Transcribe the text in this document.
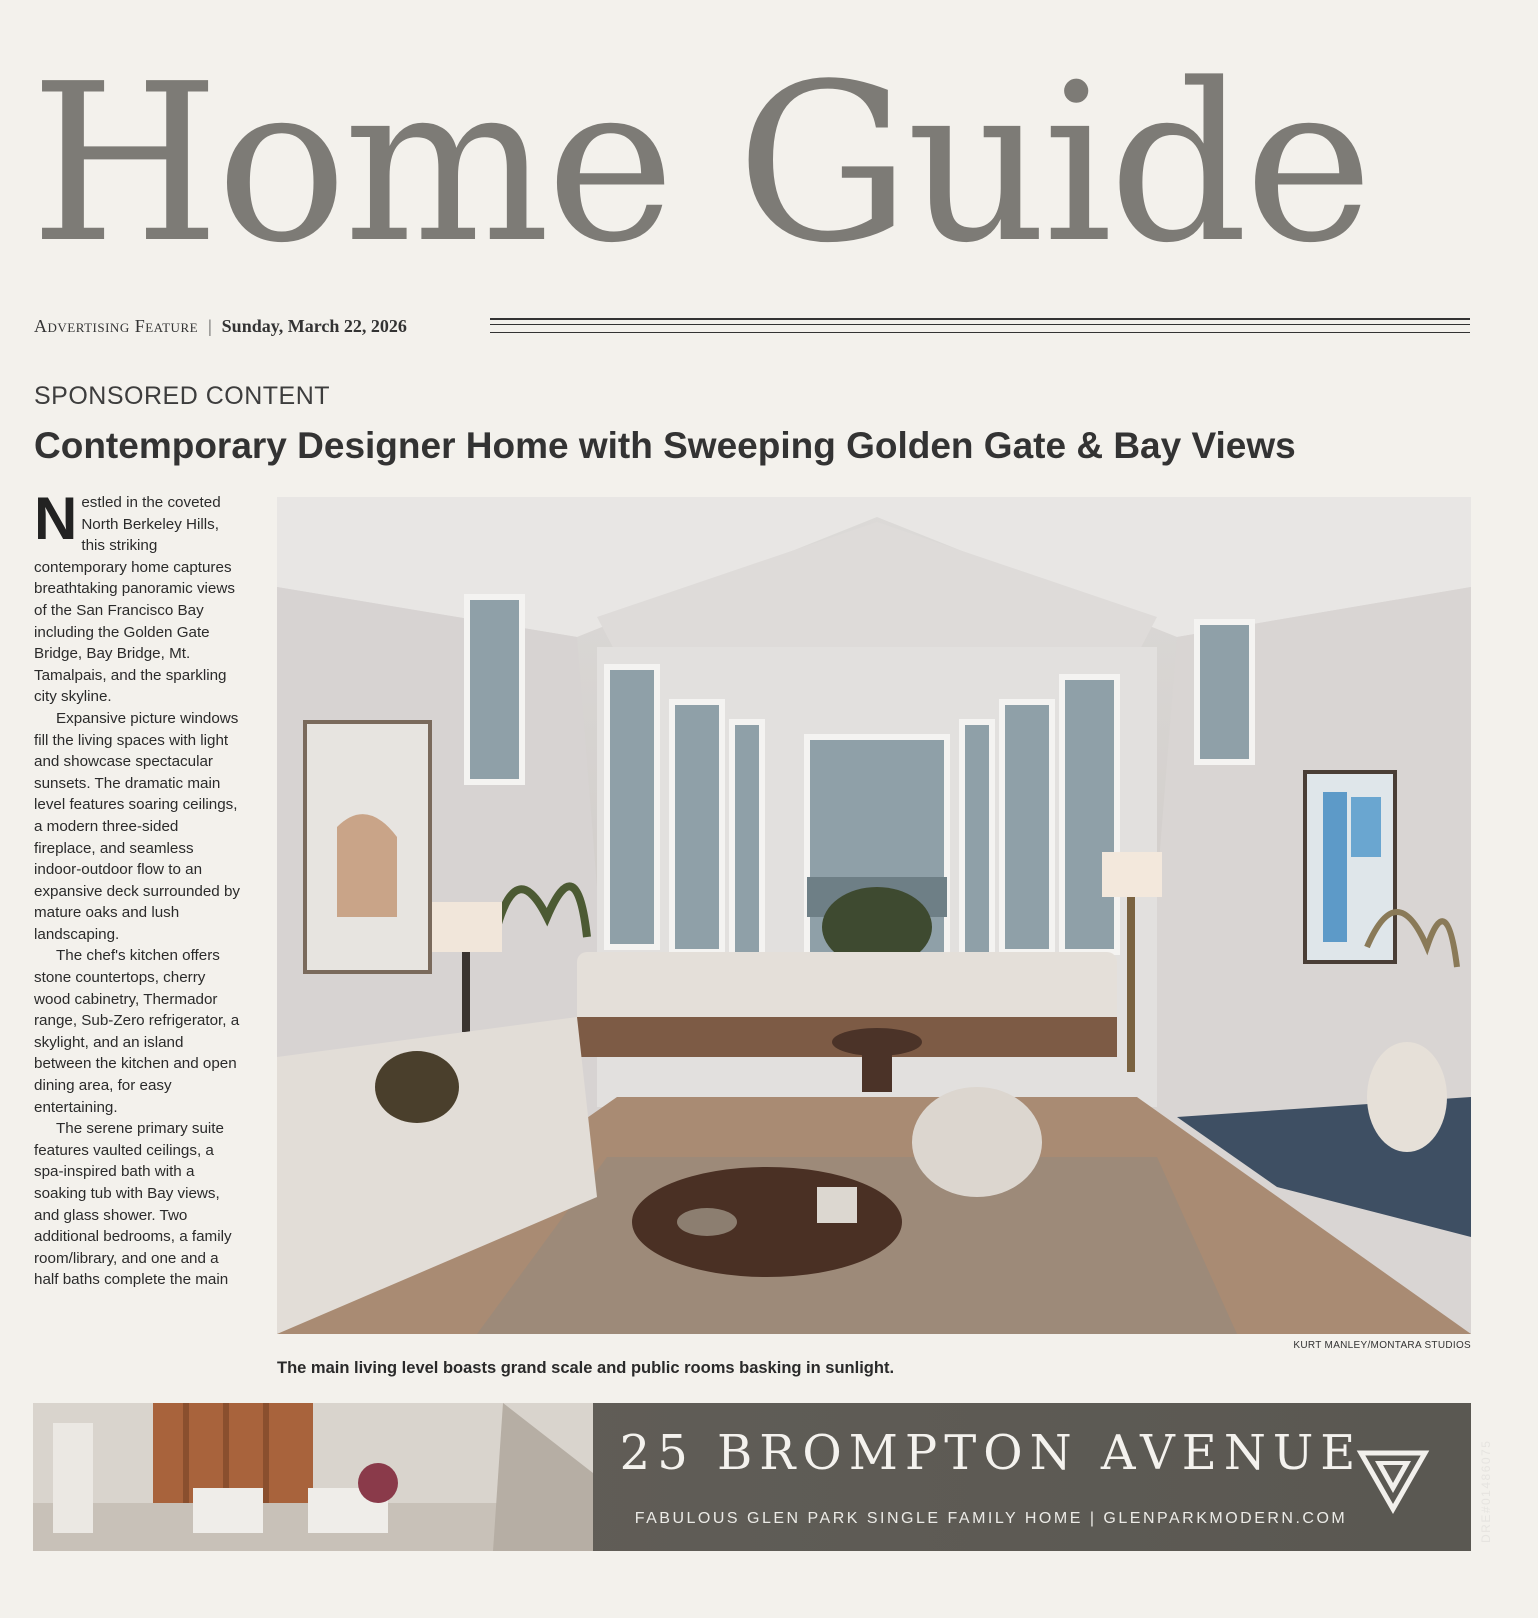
Home Guide
Advertising Feature | Sunday, March 22, 2026
SPONSORED CONTENT
Contemporary Designer Home with Sweeping Golden Gate & Bay Views

Nestled in the coveted North Berkeley Hills, this striking contemporary home captures breathtaking panoramic views of the San Francisco Bay including the Golden Gate Bridge, Bay Bridge, Mt. Tamalpais, and the sparkling city skyline.

Expansive picture windows fill the living spaces with light and showcase spectacular sunsets. The dramatic main level features soaring ceilings, a modern three-sided fireplace, and seamless indoor-outdoor flow to an expansive deck surrounded by mature oaks and lush landscaping.

The chef's kitchen offers stone countertops, cherry wood cabinetry, Thermador range, Sub-Zero refrigerator, a skylight, and an island between the kitchen and open dining area, for easy entertaining.

The serene primary suite features vaulted ceilings, a spa-inspired bath with a soaking tub with Bay views, and glass shower. Two additional bedrooms, a family room/library, and one and a half baths complete the main

KURT MANLEY/MONTARA STUDIOS
The main living level boasts grand scale and public rooms basking in sunlight.
25 BROMPTON AVENUE
FABULOUS GLEN PARK SINGLE FAMILY HOME | GLENPARKMODERN.COM	DRE#01486075
